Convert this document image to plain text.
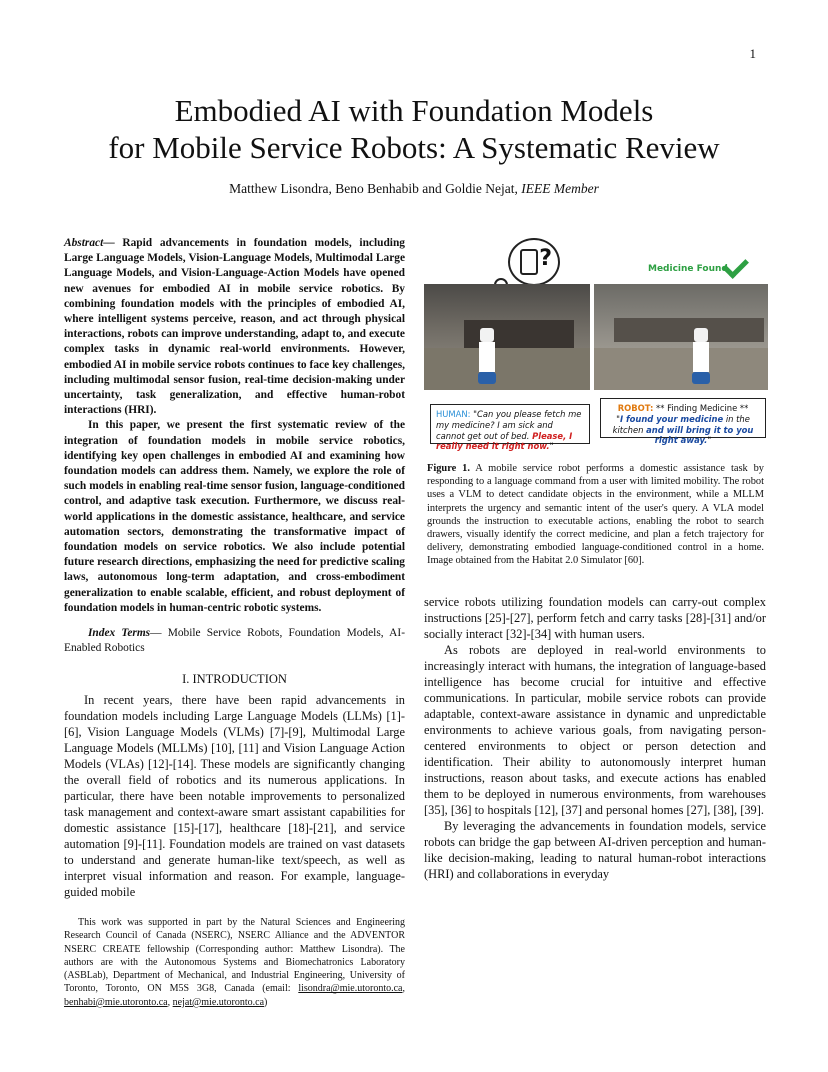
1
Embodied AI with Foundation Models
for Mobile Service Robots: A Systematic Review
Matthew Lisondra, Beno Benhabib and Goldie Nejat, IEEE Member

Abstract— Rapid advancements in foundation models, including Large Language Models, Vision-Language Models, Multimodal Large Language Models, and Vision-Language-Action Models have opened new avenues for embodied AI in mobile service robotics. By combining foundation models with the principles of embodied AI, where intelligent systems perceive, reason, and act through physical interactions, robots can improve understanding, adapt to, and execute complex tasks in dynamic real-world environments. However, embodied AI in mobile service robots continues to face key challenges, including multimodal sensor fusion, real-time decision-making under uncertainty, task generalization, and effective human-robot interactions (HRI).

In this paper, we present the first systematic review of the integration of foundation models in mobile service robotics, identifying key open challenges in embodied AI and examining how foundation models can address them. Namely, we explore the role of such models in enabling real-time sensor fusion, language-conditioned control, and adaptive task execution. Furthermore, we discuss real-world applications in the domestic assistance, healthcare, and service automation sectors, demonstrating the transformative impact of foundation models on service robotics. We also include potential future research directions, emphasizing the need for predictive scaling laws, autonomous long-term adaptation, and cross-embodiment generalization to enable scalable, efficient, and robust deployment of foundation models in human-centric robotic systems.

Index Terms— Mobile Service Robots, Foundation Models, AI-Enabled Robotics

I. INTRODUCTION

In recent years, there have been rapid advancements in foundation models including Large Language Models (LLMs) [1]-[6], Vision Language Models (VLMs) [7]-[9], Multimodal Large Language Models (MLLMs) [10], [11] and Vision Language Action Models (VLAs) [12]-[14]. These models are significantly changing the overall field of robotics and its numerous applications. In particular, there have been notable improvements to personalized task management and context-aware smart assistant capabilities for domestic assistance [15]-[17], healthcare [18]-[21], and service automation [9]-[11]. Foundation models are trained on vast datasets to understand and generate human-like text/speech, as well as interpret visual information and reason. For example, language-guided mobile

This work was supported in part by the Natural Sciences and Engineering Research Council of Canada (NSERC), NSERC Alliance and the ADVENTOR NSERC CREATE fellowship (Corresponding author: Matthew Lisondra). The authors are with the Autonomous Systems and Biomechatronics Laboratory (ASBLab), Department of Mechanical, and Industrial Engineering, University of Toronto, Toronto, ON M5S 3G8, Canada (email: lisondra@mie.utoronto.ca, benhabi@mie.utoronto.ca, nejat@mie.utoronto.ca)

?	Medicine Found
HUMAN: "Can you please fetch me my medicine? I am sick and cannot get out of bed. Please, I really need it right now."
ROBOT: ** Finding Medicine **
"I found your medicine in the kitchen and will bring it to you right away."
Figure 1. A mobile service robot performs a domestic assistance task by responding to a language command from a user with limited mobility. The robot uses a VLM to detect candidate objects in the environment, while a MLLM interprets the urgency and semantic intent of the user's query. A VLA model grounds the instruction to executable actions, enabling the robot to search drawers, visually identify the correct medicine, and plan a fetch trajectory for delivery, demonstrating embodied language-conditioned control in a home. Image obtained from the Habitat 2.0 Simulator [60].

service robots utilizing foundation models can carry-out complex instructions [25]-[27], perform fetch and carry tasks [28]-[31] and/or socially interact [32]-[34] with human users.

As robots are deployed in real-world environments to increasingly interact with humans, the integration of language-based intelligence has become crucial for intuitive and effective communications. In particular, mobile service robots can provide adaptable, context-aware assistance in dynamic and unpredictable environments to achieve various goals, from navigating person-centered environments to object or person detection and identification. Their ability to autonomously interpret human instructions, reason about tasks, and execute actions has enabled them to be deployed in numerous environments, from warehouses [35], [36] to hospitals [12], [37] and personal homes [27], [38], [39].

By leveraging the advancements in foundation models, service robots can bridge the gap between AI-driven perception and human-like decision-making, leading to natural human-robot interactions (HRI) and collaborations in everyday
